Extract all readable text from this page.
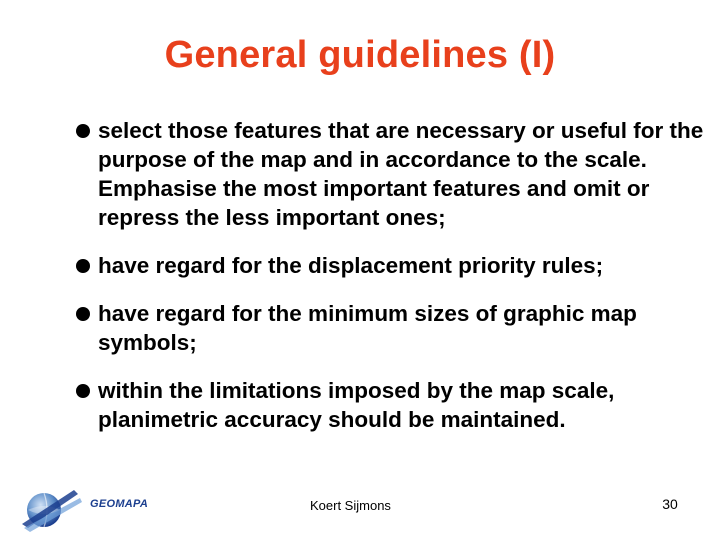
General guidelines (I)
select those features that are necessary or useful for the purpose of the map and in accordance to the scale. Emphasise the most important features and omit or repress the less important ones;
have regard for the displacement priority rules;
have regard for the minimum sizes of graphic map symbols;
within the limitations imposed by the map scale, planimetric accuracy should be maintained.
GEOMAPA	Koert Sijmons	30
